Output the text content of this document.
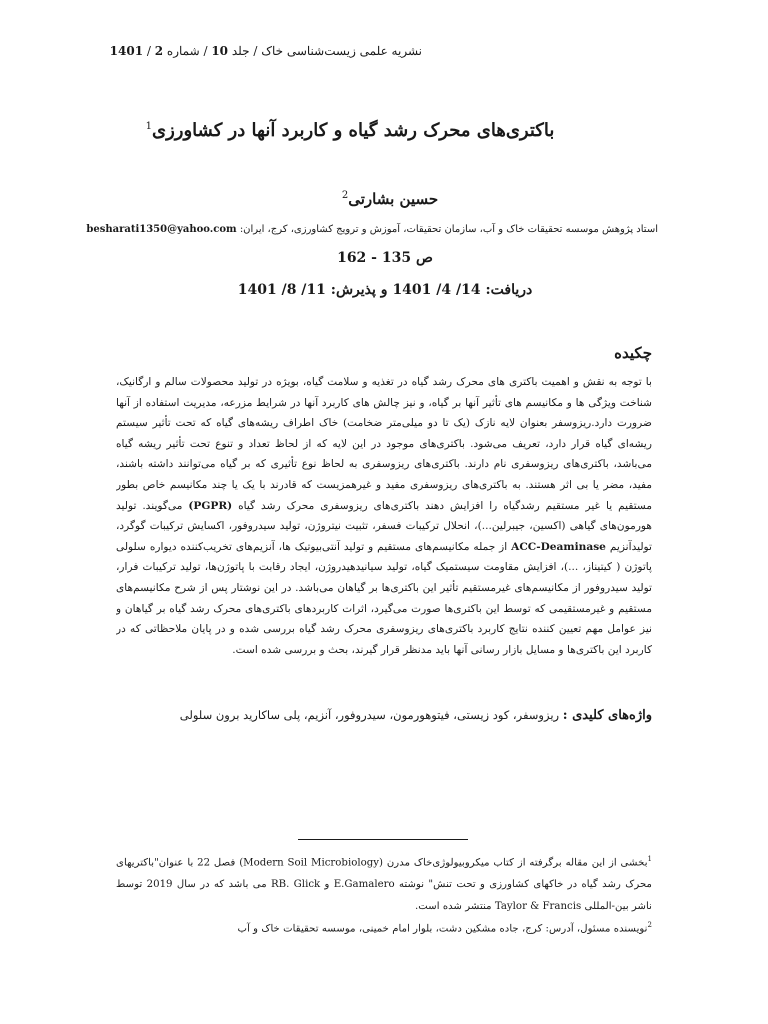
نشریه علمی زیست‌شناسی خاک / جلد 10 / شماره 2 / 1401
باکتری‌های محرک رشد گیاه و کاربرد آنها در کشاورزی$^1$
حسین بشارتی$^2$
استاد پژوهش موسسه تحقیقات خاک و آب، سازمان تحقیقات، آموزش و ترویج کشاورزی، کرج، ایران: besharati1350@yahoo.com
ص 135 - 162
دریافت: 14/ 4/ 1401 و پذیرش: 11/ 8/ 1401
چکیده
با توجه به نقش و اهمیت باکتری های محرک رشد گیاه در تغذیه و سلامت گیاه، بویژه در تولید محصولات سالم و ارگانیک، شناخت ویژگی ها و مکانیسم های تأثیر آنها بر گیاه، و نیز چالش های کاربرد آنها در شرایط مزرعه، مدیریت استفاده از آنها ضرورت دارد.ریزوسفر بعنوان لایه نازک (یک تا دو میلی‌متر ضخامت) خاک اطراف ریشه‌های گیاه که تحت تأثیر سیستم ریشه‌ای گیاه قرار دارد، تعریف می‌شود. باکتری‌های موجود در این لایه که از لحاظ تعداد و تنوع تحت تأثیر ریشه گیاه می‌باشد، باکتری‌های ریزوسفری نام دارند. باکتری‌های ریزوسفری به لحاظ نوع تأثیری که بر گیاه می‌توانند داشته باشند، مفید، مضر یا بی اثر هستند. به باکتری‌های ریزوسفری مفید و غیرهمزیست که قادرند با یک یا چند مکانیسم خاص بطور مستقیم یا غیر مستقیم رشدگیاه را افزایش دهند باکتری‌های ریزوسفری محرک رشد گیاه (PGPR) می‌گویند. تولید هورمون‌های گیاهی (اکسین، جیبرلین...)، انحلال ترکیبات فسفر، تثبیت نیتروژن، تولید سیدروفور، اکسایش ترکیبات گوگرد، تولیدآنزیم ACC-Deaminase از جمله مکانیسم‌های مستقیم و تولید آنتی‌بیوتیک ها، آنزیم‌های تخریب‌کننده دیواره سلولی پاتوژن ( کیتیناز، ...)، افزایش مقاومت سیستمیک گیاه، تولید سیانیدهیدروژن، ایجاد رقابت با پاتوژن‌ها، تولید ترکیبات فرار، تولید سیدروفور از مکانیسم‌های غیرمستقیم تأثیر این باکتری‌ها بر گیاهان می‌باشد. در این نوشتار پس از شرح مکانیسم‌های مستقیم و غیرمستقیمی که توسط این باکتری‌ها صورت می‌گیرد، اثرات کاربردهای باکتری‌های محرک رشد گیاه بر گیاهان و نیز عوامل مهم تعیین کننده نتایج کاربرد باکتری‌های ریزوسفری محرک رشد گیاه بررسی شده و در پایان ملاحظاتی که در کاربرد این باکتری‌ها و مسایل بازار رسانی آنها باید مدنظر قرار گیرند، بحث و بررسی شده است.
واژه‌های کلیدی : ریزوسفر، کود زیستی، فیتوهورمون، سیدروفور، آنزیم، پلی ساکارید برون سلولی
$^1$بخشی از این مقاله برگرفته از کتاب میکروبیولوژی‌خاک مدرن (Modern Soil Microbiology) فصل 22 با عنوان"باکتریهای محرک رشد گیاه در خاکهای کشاورزی و تحت تنش" نوشته E.Gamalero و RB. Glick می باشد که در سال 2019 توسط ناشر بین-المللی Taylor & Francis منتشر شده است.
$^2$نویسنده مسئول، آدرس: کرج، جاده مشکین دشت، بلوار امام خمینی، موسسه تحقیقات خاک و آب
